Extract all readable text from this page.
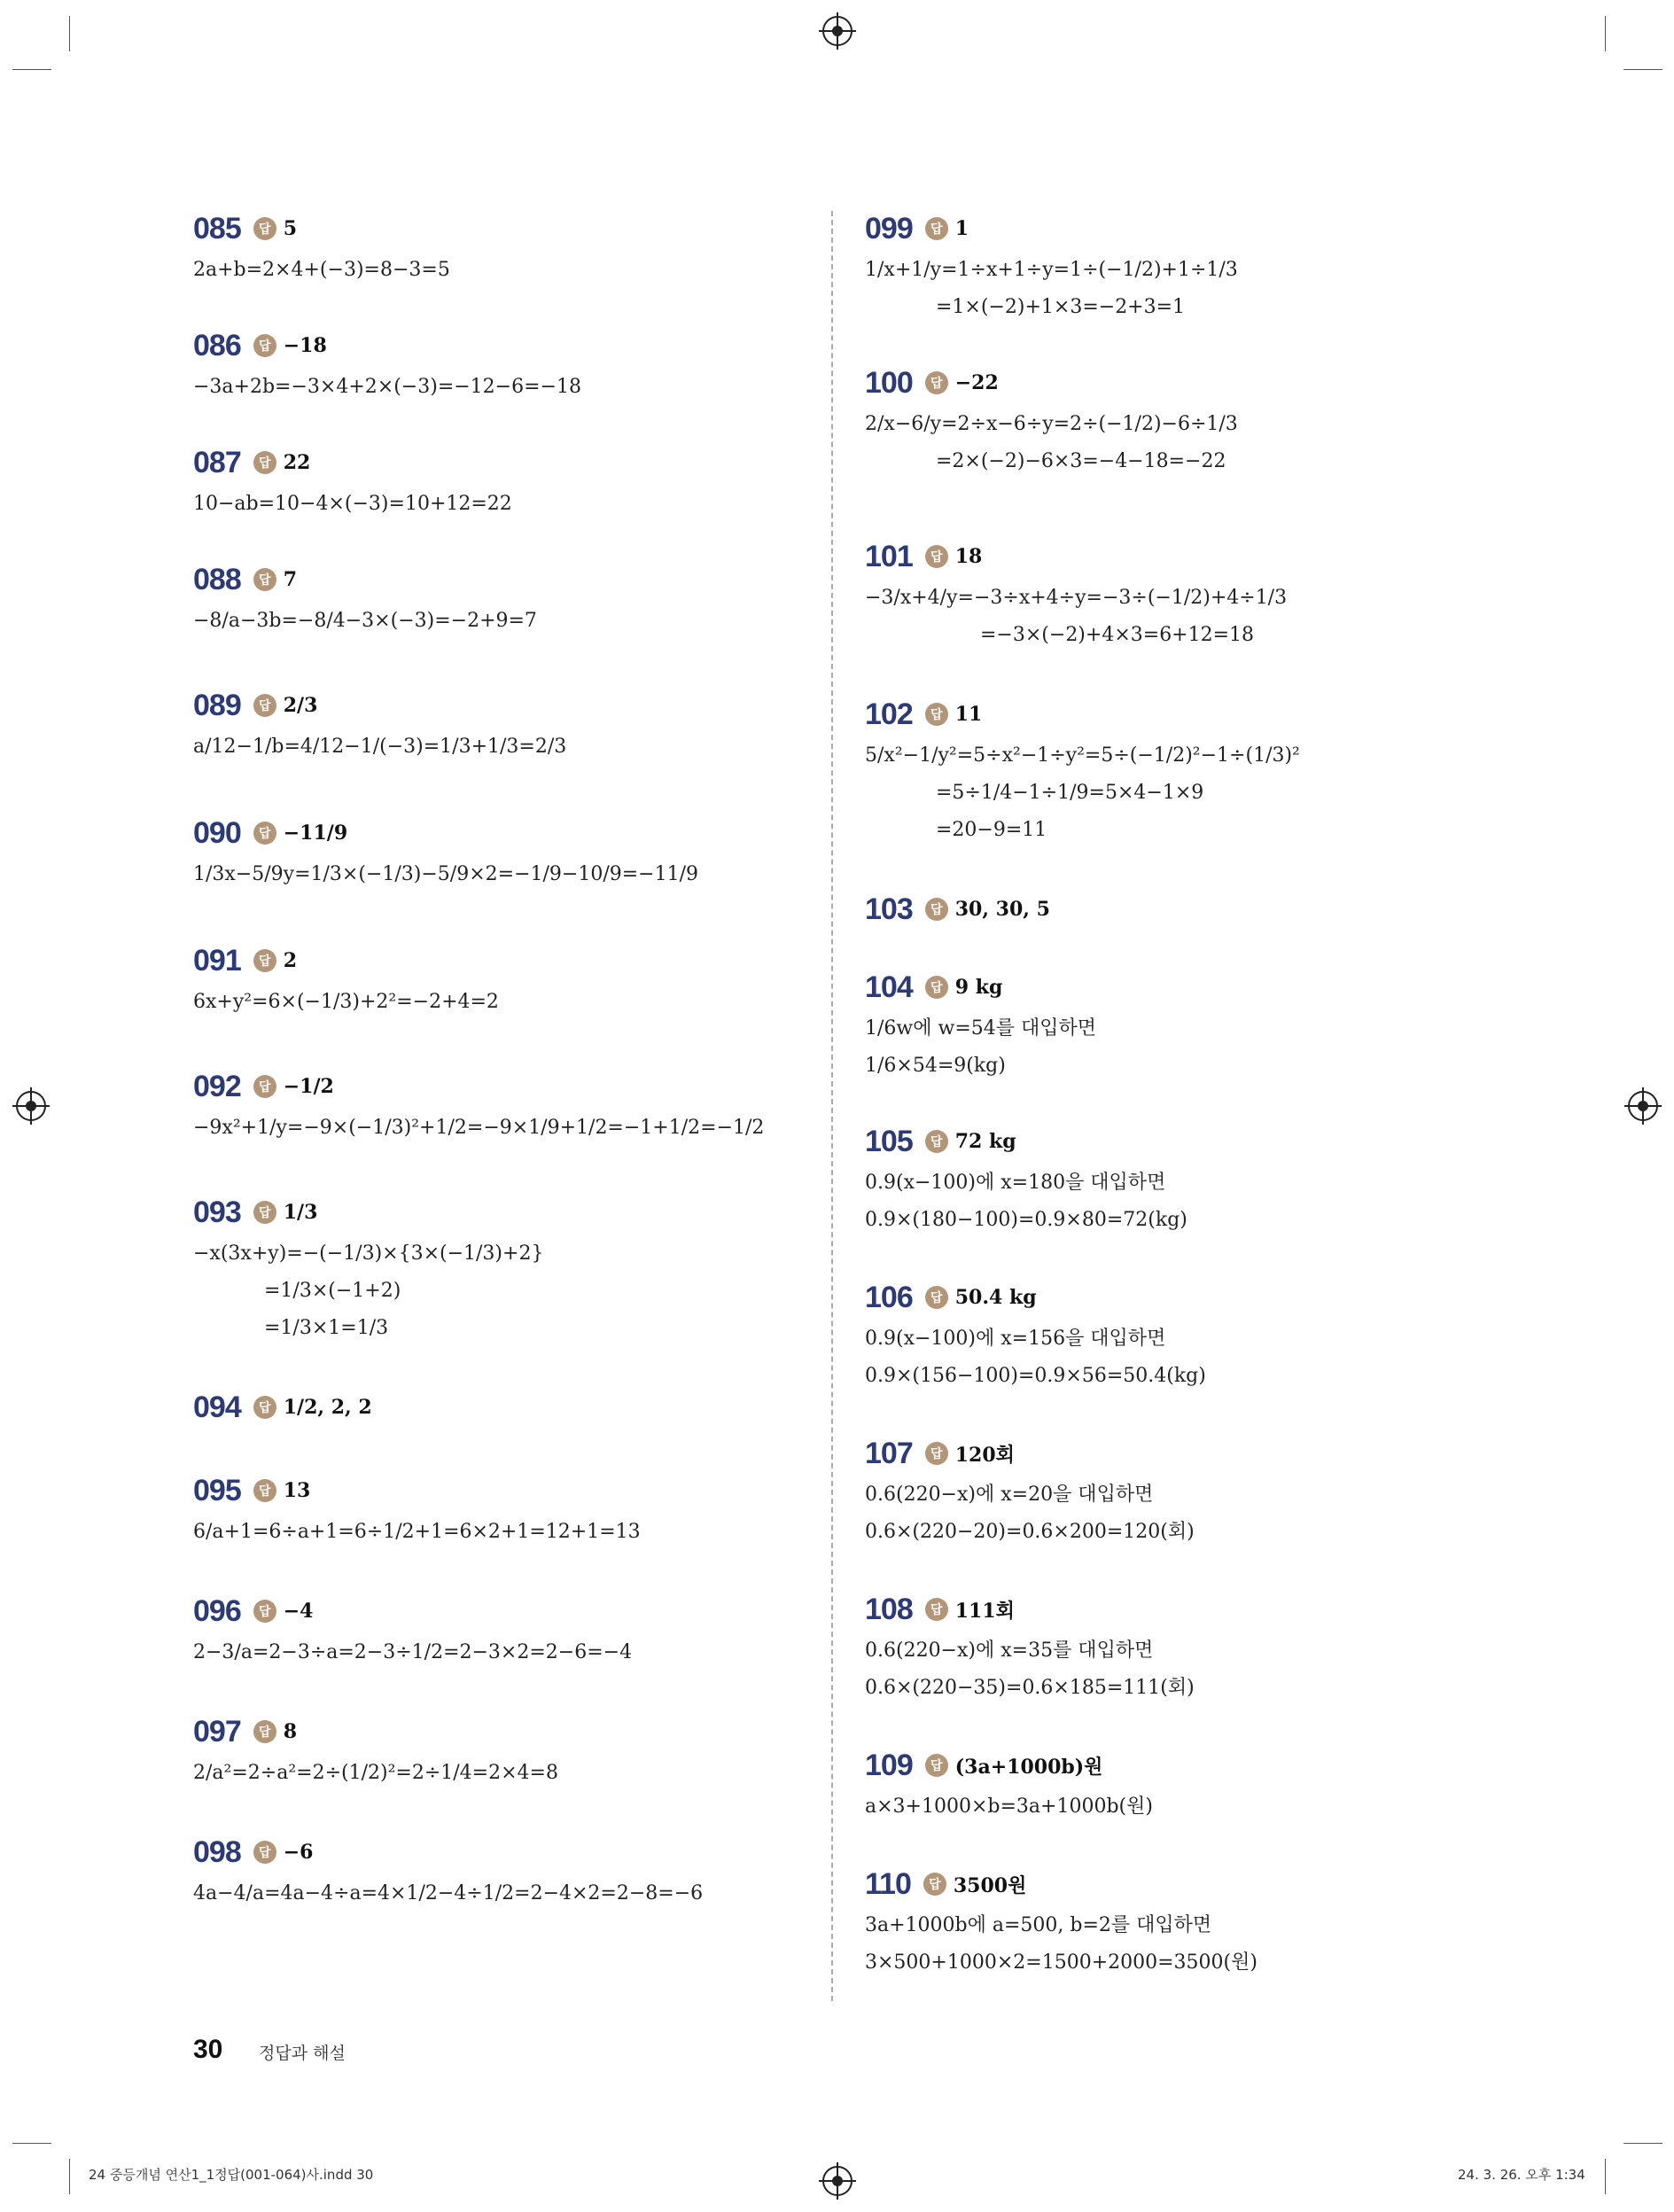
085	답 5
2a+b=2×4+(−3)=8−3=5
086	답 −18
−3a+2b=−3×4+2×(−3)=−12−6=−18
087	답 22
10−ab=10−4×(−3)=10+12=22
088	답 7
−8/a−3b=−8/4−3×(−3)=−2+9=7
089	답 2/3
a/12−1/b=4/12−1/(−3)=1/3+1/3=2/3
090	답 −11/9
1/3x−5/9y=1/3×(−1/3)−5/9×2=−1/9−10/9=−11/9
091	답 2
6x+y²=6×(−1/3)+2²=−2+4=2
092	답 −1/2
−9x²+1/y=−9×(−1/3)²+1/2=−9×1/9+1/2=−1+1/2=−1/2
093	답 1/3
−x(3x+y)=−(−1/3)×{3×(−1/3)+2}
=1/3×(−1+2)
=1/3×1=1/3
094	답 1/2, 2, 2
095	답 13
6/a+1=6÷a+1=6÷1/2+1=6×2+1=12+1=13
096	답 −4
2−3/a=2−3÷a=2−3÷1/2=2−3×2=2−6=−4
097	답 8
2/a²=2÷a²=2÷(1/2)²=2÷1/4=2×4=8
098	답 −6
4a−4/a=4a−4÷a=4×1/2−4÷1/2=2−4×2=2−8=−6
099	답 1
1/x+1/y=1÷x+1÷y=1÷(−1/2)+1÷1/3
=1×(−2)+1×3=−2+3=1
100	답 −22
2/x−6/y=2÷x−6÷y=2÷(−1/2)−6÷1/3
=2×(−2)−6×3=−4−18=−22
101	답 18
−3/x+4/y=−3÷x+4÷y=−3÷(−1/2)+4÷1/3
=−3×(−2)+4×3=6+12=18
102	답 11
5/x²−1/y²=5÷x²−1÷y²=5÷(−1/2)²−1÷(1/3)²
=5÷1/4−1÷1/9=5×4−1×9
=20−9=11
103	답 30, 30, 5
104	답 9 kg
1/6w에 w=54를 대입하면
1/6×54=9(kg)
105	답 72 kg
0.9(x−100)에 x=180을 대입하면
0.9×(180−100)=0.9×80=72(kg)
106	답 50.4 kg
0.9(x−100)에 x=156을 대입하면
0.9×(156−100)=0.9×56=50.4(kg)
107	답 120회
0.6(220−x)에 x=20을 대입하면
0.6×(220−20)=0.6×200=120(회)
108	답 111회
0.6(220−x)에 x=35를 대입하면
0.6×(220−35)=0.6×185=111(회)
109	답 (3a+1000b)원
a×3+1000×b=3a+1000b(원)
110	답 3500원
3a+1000b에 a=500, b=2를 대입하면
3×500+1000×2=1500+2000=3500(원)
30 정답과 해설
24 중등개념 연산1_1정답(001-064)사.indd 30	24. 3. 26. 오후 1:34
